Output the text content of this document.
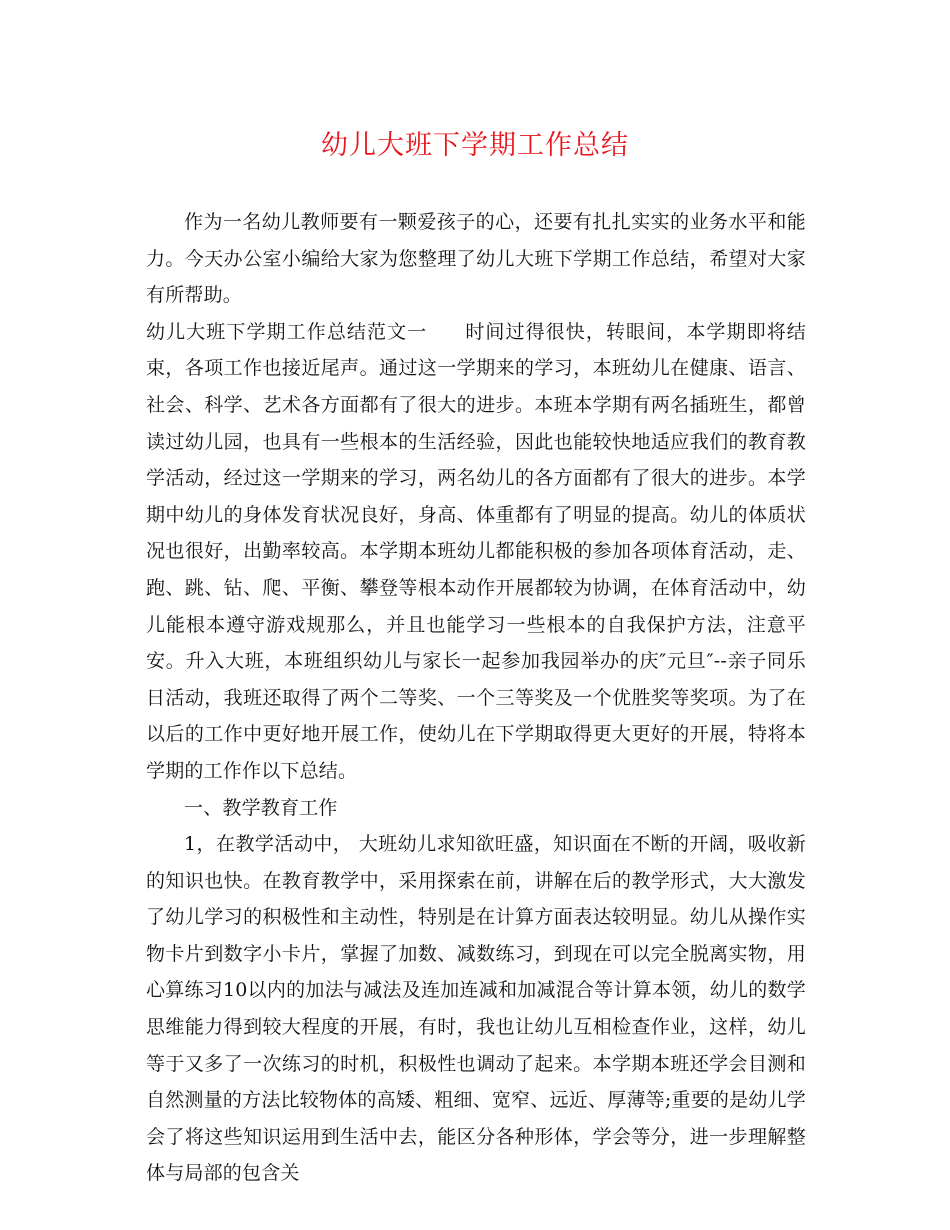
幼儿大班下学期工作总结

作为一名幼儿教师要有一颗爱孩子的心，还要有扎扎实实的业务水平和能力。今天办公室小编给大家为您整理了幼儿大班下学期工作总结，希望对大家有所帮助。

幼儿大班下学期工作总结范文一 时间过得很快，转眼间，本学期即将结束，各项工作也接近尾声。通过这一学期来的学习，本班幼儿在健康、语言、社会、科学、艺术各方面都有了很大的进步。本班本学期有两名插班生，都曾读过幼儿园，也具有一些根本的生活经验，因此也能较快地适应我们的教育教学活动，经过这一学期来的学习，两名幼儿的各方面都有了很大的进步。本学期中幼儿的身体发育状况良好，身高、体重都有了明显的提高。幼儿的体质状况也很好，出勤率较高。本学期本班幼儿都能积极的参加各项体育活动，走、跑、跳、钻、爬、平衡、攀登等根本动作开展都较为协调，在体育活动中，幼儿能根本遵守游戏规那么，并且也能学习一些根本的自我保护方法，注意平安。升入大班，本班组织幼儿与家长一起参加我园举办的庆″元旦″--亲子同乐日活动，我班还取得了两个二等奖、一个三等奖及一个优胜奖等奖项。为了在以后的工作中更好地开展工作，使幼儿在下学期取得更大更好的开展，特将本学期的工作作以下总结。

一、教学教育工作

1，在教学活动中， 大班幼儿求知欲旺盛，知识面在不断的开阔，吸收新的知识也快。在教育教学中，采用探索在前，讲解在后的教学形式，大大激发了幼儿学习的积极性和主动性，特别是在计算方面表达较明显。幼儿从操作实物卡片到数字小卡片，掌握了加数、减数练习，到现在可以完全脱离实物，用心算练习10以内的加法与减法及连加连减和加减混合等计算本领，幼儿的数学思维能力得到较大程度的开展，有时，我也让幼儿互相检查作业，这样，幼儿等于又多了一次练习的时机，积极性也调动了起来。本学期本班还学会目测和自然测量的方法比较物体的高矮、粗细、宽窄、远近、厚薄等;重要的是幼儿学会了将这些知识运用到生活中去，能区分各种形体，学会等分，进一步理解整体与局部的包含关
